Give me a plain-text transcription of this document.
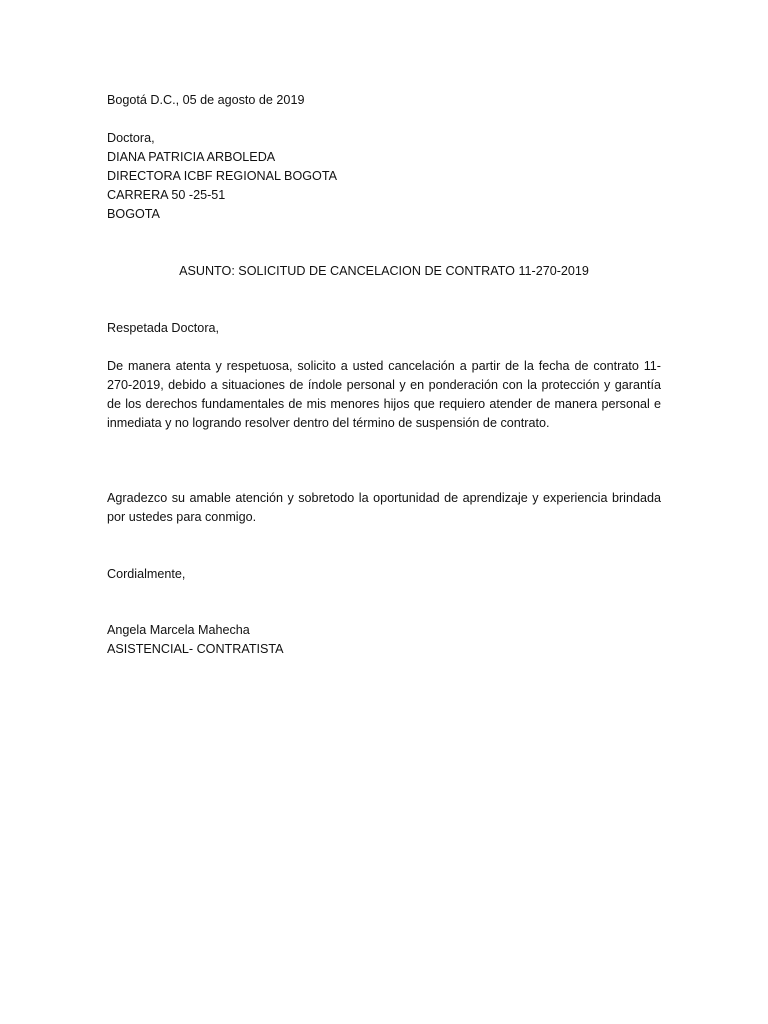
Bogotá D.C., 05 de agosto de 2019
Doctora,
DIANA PATRICIA ARBOLEDA
DIRECTORA ICBF REGIONAL BOGOTA
CARRERA 50 -25-51
BOGOTA
ASUNTO: SOLICITUD DE CANCELACION DE CONTRATO 11-270-2019
Respetada Doctora,
De manera atenta y respetuosa, solicito a usted cancelación a partir de la fecha de contrato 11-270-2019, debido a situaciones de índole personal y en ponderación con la protección y garantía de los derechos fundamentales de mis menores hijos que requiero atender de manera personal e inmediata y no logrando resolver dentro del término de suspensión de contrato.
Agradezco su amable atención y sobretodo la oportunidad de aprendizaje y experiencia brindada por ustedes para conmigo.
Cordialmente,
Angela Marcela Mahecha
ASISTENCIAL- CONTRATISTA
